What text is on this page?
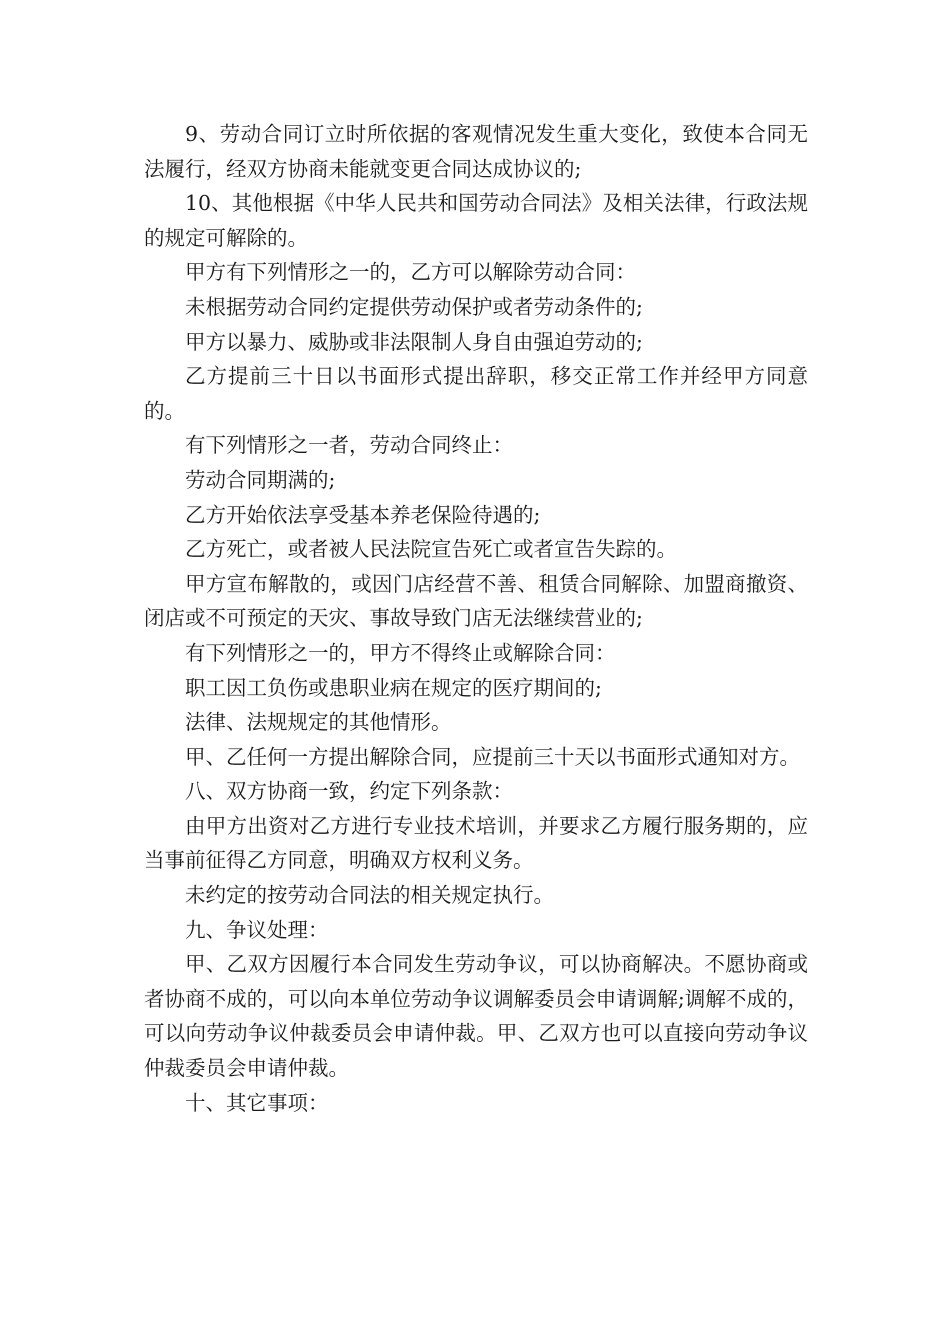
9、劳动合同订立时所依据的客观情况发生重大变化，致使本合同无法履行，经双方协商未能就变更合同达成协议的;

10、其他根据《中华人民共和国劳动合同法》及相关法律，行政法规的规定可解除的。

甲方有下列情形之一的，乙方可以解除劳动合同：

未根据劳动合同约定提供劳动保护或者劳动条件的;

甲方以暴力、威胁或非法限制人身自由强迫劳动的;

乙方提前三十日以书面形式提出辞职，移交正常工作并经甲方同意的。

有下列情形之一者，劳动合同终止：

劳动合同期满的;

乙方开始依法享受基本养老保险待遇的;

乙方死亡，或者被人民法院宣告死亡或者宣告失踪的。

甲方宣布解散的，或因门店经营不善、租赁合同解除、加盟商撤资、闭店或不可预定的天灾、事故导致门店无法继续营业的;

有下列情形之一的，甲方不得终止或解除合同：

职工因工负伤或患职业病在规定的医疗期间的;

法律、法规规定的其他情形。

甲、乙任何一方提出解除合同，应提前三十天以书面形式通知对方。

八、双方协商一致，约定下列条款：

由甲方出资对乙方进行专业技术培训，并要求乙方履行服务期的，应当事前征得乙方同意，明确双方权利义务。

未约定的按劳动合同法的相关规定执行。

九、争议处理：

甲、乙双方因履行本合同发生劳动争议，可以协商解决。不愿协商或者协商不成的，可以向本单位劳动争议调解委员会申请调解;调解不成的，可以向劳动争议仲裁委员会申请仲裁。甲、乙双方也可以直接向劳动争议仲裁委员会申请仲裁。

十、其它事项：
